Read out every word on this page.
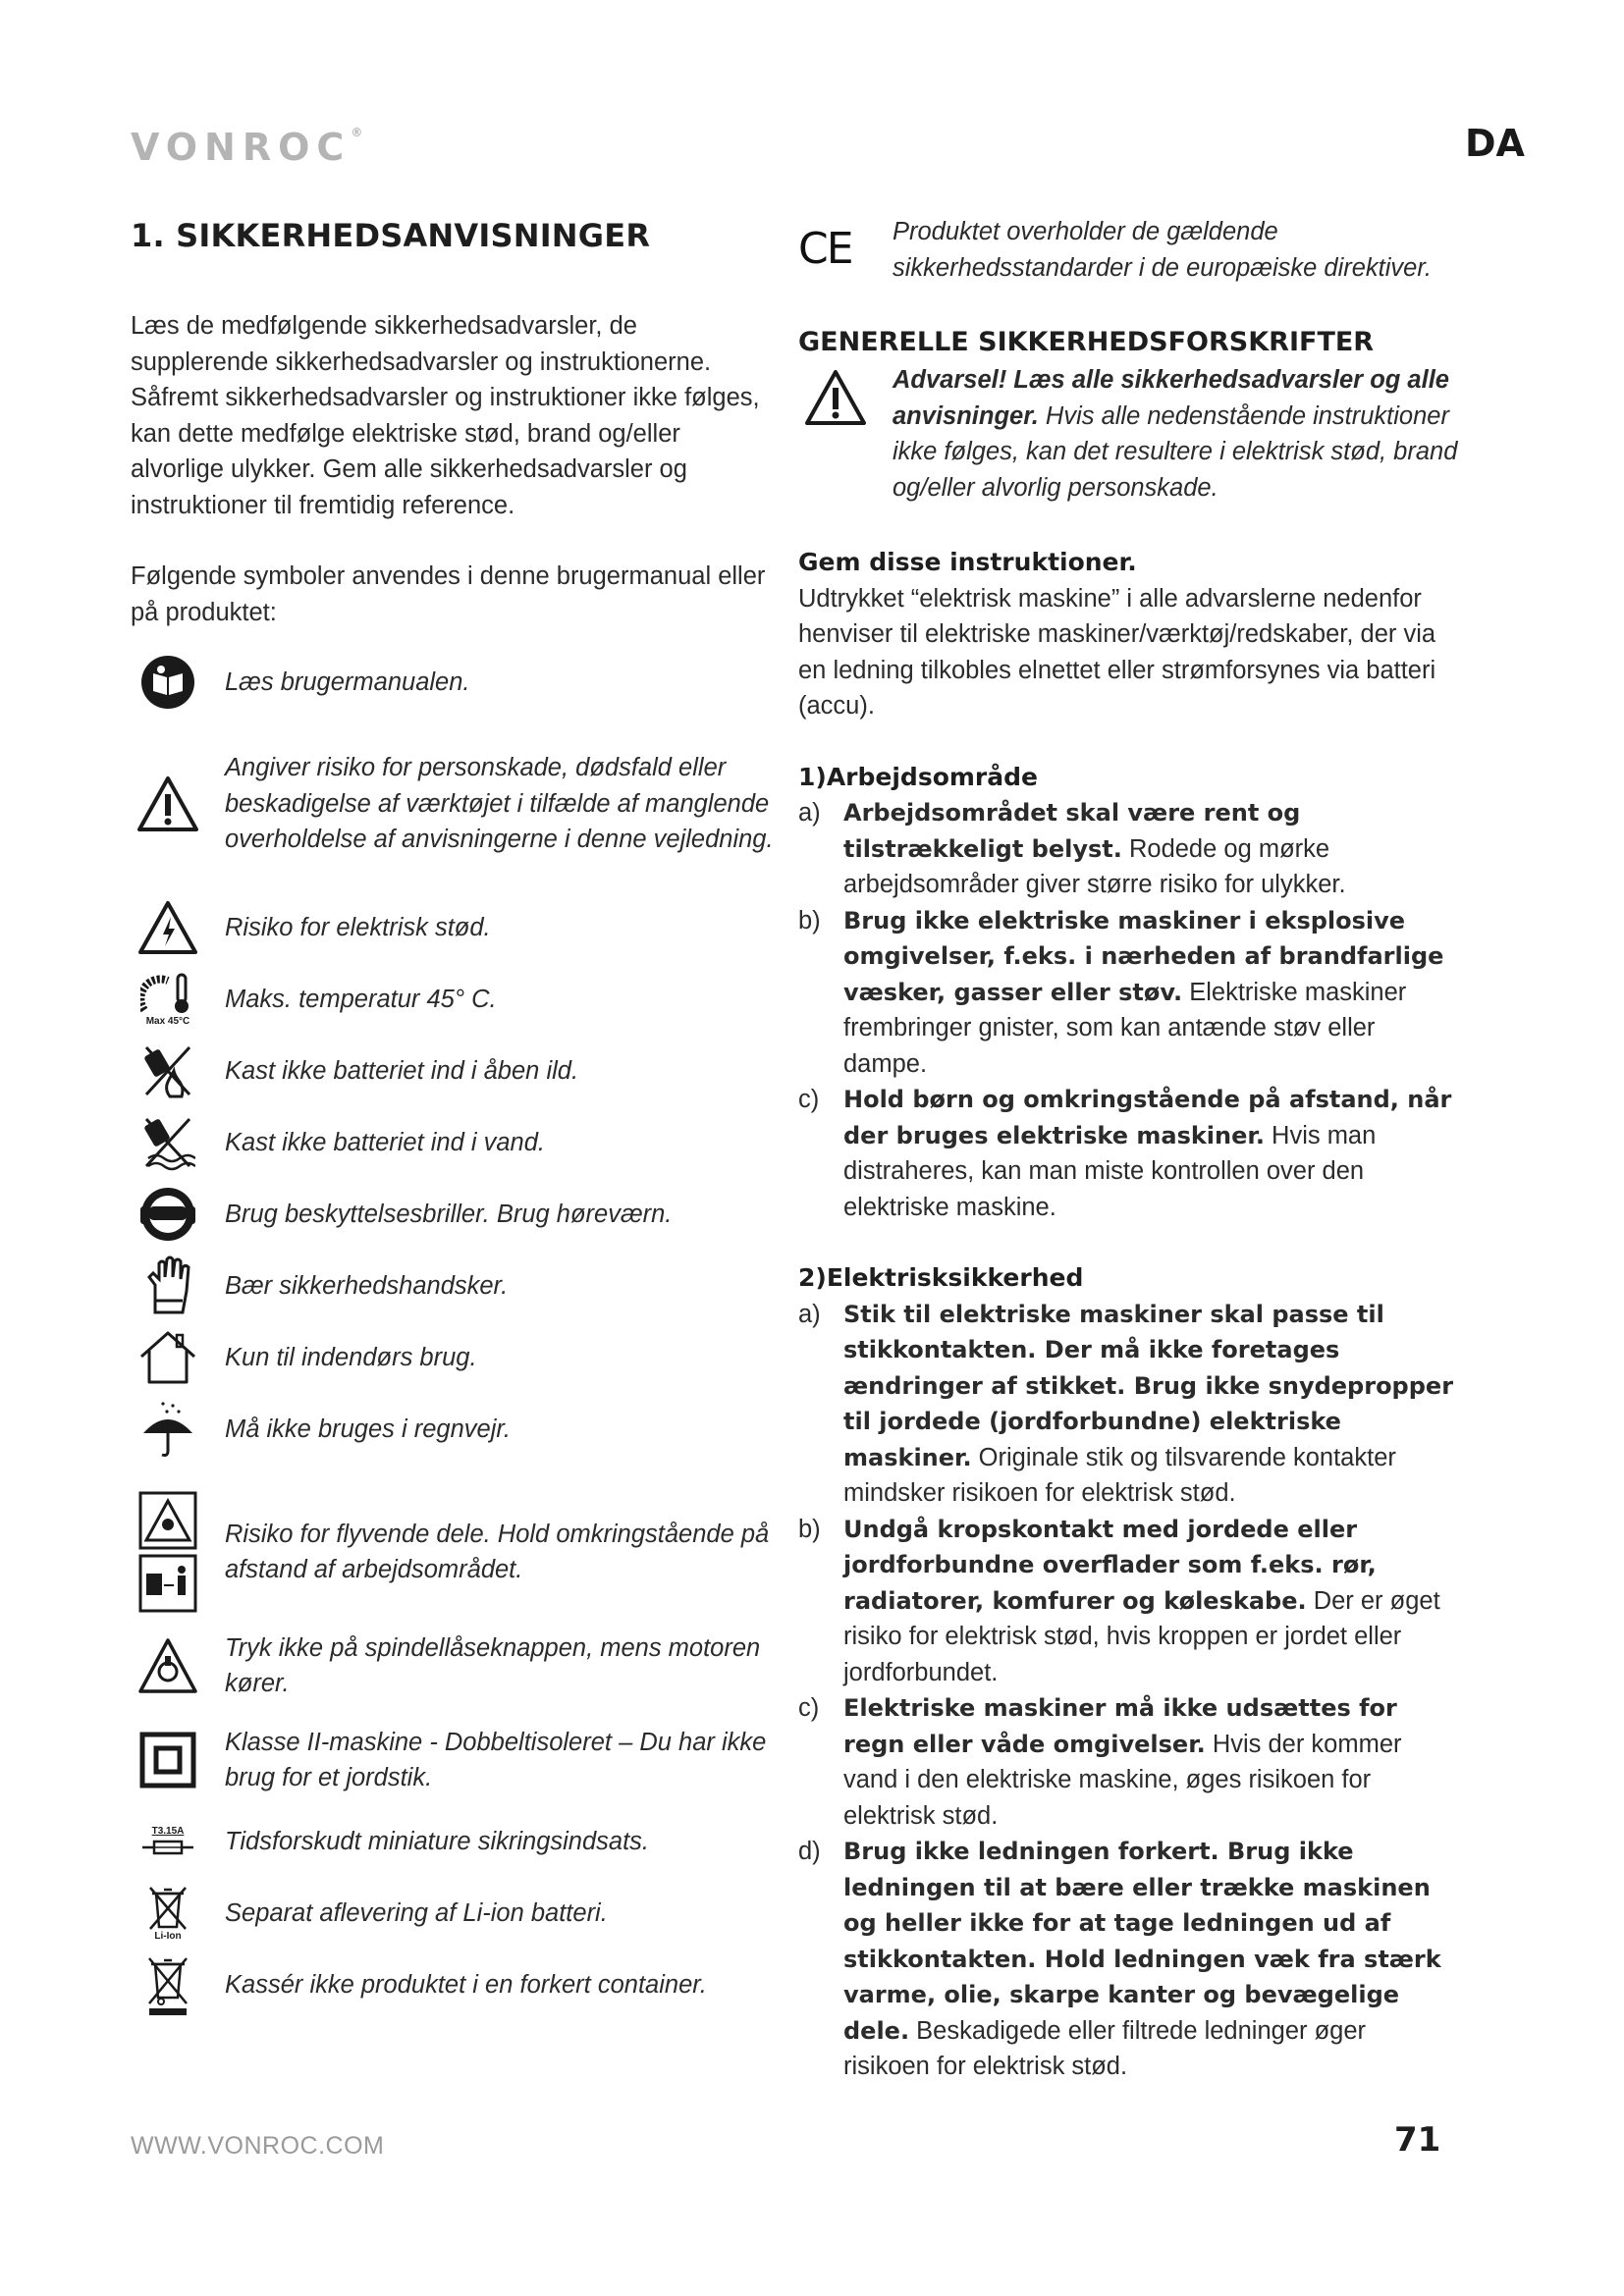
VONROC®	DA
1. SIKKERHEDSANVISNINGER

Læs de medfølgende sikkerhedsadvarsler, de supplerende sikkerhedsadvarsler og instruktionerne. Såfremt sikkerhedsadvarsler og instruktioner ikke følges, kan dette medfølge elektriske stød, brand og/eller alvorlige ulykker. Gem alle sikkerhedsadvarsler og instruktioner til fremtidig reference.

Følgende symboler anvendes i denne brugermanual eller på produktet:

Læs brugermanualen.
Angiver risiko for personskade, dødsfald eller beskadigelse af værktøjet i tilfælde af manglende overholdelse af anvisningerne i denne vejledning.
Risiko for elektrisk stød.
Max 45°C
Maks. temperatur 45° C.
Kast ikke batteriet ind i åben ild.
Kast ikke batteriet ind i vand.
Brug beskyttelsesbriller. Brug høreværn.
Bær sikkerhedshandsker.
Kun til indendørs brug.
Må ikke bruges i regnvejr.
Risiko for flyvende dele. Hold omkringstående på afstand af arbejdsområdet.
Tryk ikke på spindellåseknappen, mens motoren kører.
Klasse II-maskine - Dobbeltisoleret – Du har ikke brug for et jordstik.
T3.15A Tidsforskudt miniature sikringsindsats.
Li-Ion
Separat aflevering af Li-ion batteri.
Kassér ikke produktet i en forkert container.
CE	Produktet overholder de gældende sikkerhedsstandarder i de europæiske direktiver.
GENERELLE SIKKERHEDSFORSKRIFTER
Advarsel! Læs alle sikkerhedsadvarsler og alle anvisninger. Hvis alle nedenstående instruktioner ikke følges, kan det resultere i elektrisk stød, brand og/eller alvorlig personskade.

Gem disse instruktioner.

Udtrykket “elektrisk maskine” i alle advarslerne nedenfor henviser til elektriske maskiner/værktøj/redskaber, der via en ledning tilkobles elnettet eller strømforsynes via batteri (accu).

1)Arbejdsområde

a) Arbejdsområdet skal være rent og tilstrækkeligt belyst. Rodede og mørke arbejdsområder giver større risiko for ulykker.
b) Brug ikke elektriske maskiner i eksplosive omgivelser, f.eks. i nærheden af brandfarlige væsker, gasser eller støv. Elektriske maskiner frembringer gnister, som kan antænde støv eller dampe.
c)	Hold børn og omkringstående på afstand, når der bruges elektriske maskiner. Hvis man distraheres, kan man miste kontrollen over den elektriske maskine.

2)Elektrisksikkerhed

a) Stik til elektriske maskiner skal passe til stikkontakten. Der må ikke foretages ændringer af stikket. Brug ikke snydepropper til jordede (jordforbundne) elektriske maskiner. Originale stik og tilsvarende kontakter mindsker risikoen for elektrisk stød.
b) Undgå kropskontakt med jordede eller jordforbundne overflader som f.eks. rør, radiatorer, komfurer og køleskabe. Der er øget risiko for elektrisk stød, hvis kroppen er jordet eller jordforbundet.
c)	Elektriske maskiner må ikke udsættes for regn eller våde omgivelser. Hvis der kommer vand i den elektriske maskine, øges risikoen for elektrisk stød.
d) Brug ikke ledningen forkert. Brug ikke ledningen til at bære eller trække maskinen og heller ikke for at tage ledningen ud af stikkontakten. Hold ledningen væk fra stærk varme, olie, skarpe kanter og bevægelige dele. Beskadigede eller filtrede ledninger øger risikoen for elektrisk stød.
WWW.VONROC.COM	71
